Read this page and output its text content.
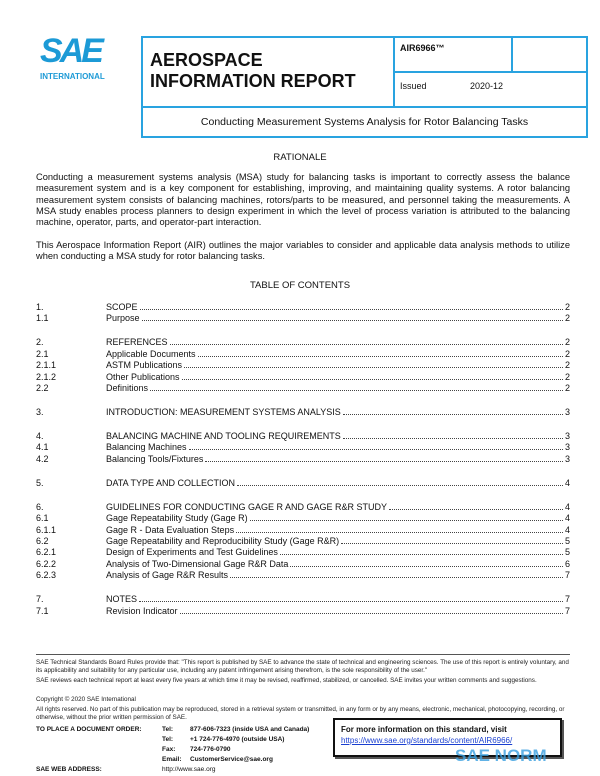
SAE
INTERNATIONAL
AEROSPACE
INFORMATION REPORT
AIR6966™
Issued	2020-12
Conducting Measurement Systems Analysis for Rotor Balancing Tasks
RATIONALE
Conducting a measurement systems analysis (MSA) study for balancing tasks is important to correctly assess the balance measurement system and is a key component for establishing, improving, and maintaining quality systems. A rotor balancing measurement system consists of balancing machines, rotors/parts to be measured, and personnel taking the measurements. A MSA study enables process planners to design experiment in which the level of process variation is attributed to the balancing machine, operator, parts, and operator-part interaction.
This Aerospace Information Report (AIR) outlines the major variables to consider and applicable data analysis methods to utilize when conducting a MSA study for rotor balancing tasks.
TABLE OF CONTENTS
1.	SCOPE	2
1.1	Purpose	2
2.	REFERENCES	2
2.1	Applicable Documents	2
2.1.1	ASTM Publications	2
2.1.2	Other Publications	2
2.2	Definitions	2
3.	INTRODUCTION: MEASUREMENT SYSTEMS ANALYSIS	3
4.	BALANCING MACHINE AND TOOLING REQUIREMENTS	3
4.1	Balancing Machines	3
4.2	Balancing Tools/Fixtures	3
5.	DATA TYPE AND COLLECTION	4
6.	GUIDELINES FOR CONDUCTING GAGE R AND GAGE R&R STUDY	4
6.1	Gage Repeatability Study (Gage R)	4
6.1.1	Gage R - Data Evaluation Steps	4
6.2	Gage Repeatability and Reproducibility Study (Gage R&R)	5
6.2.1	Design of Experiments and Test Guidelines	5
6.2.2	Analysis of Two-Dimensional Gage R&R Data	6
6.2.3	Analysis of Gage R&R Results	7
7.	NOTES	7
7.1	Revision Indicator	7
SAE Technical Standards Board Rules provide that: "This report is published by SAE to advance the state of technical and engineering sciences. The use of this report is entirely voluntary, and its applicability and suitability for any particular use, including any patent infringement arising therefrom, is the sole responsibility of the user."
SAE reviews each technical report at least every five years at which time it may be revised, reaffirmed, stabilized, or cancelled. SAE invites your written comments and suggestions.
Copyright © 2020 SAE International
All rights reserved. No part of this publication may be reproduced, stored in a retrieval system or transmitted, in any form or by any means, electronic, mechanical, photocopying, recording, or otherwise, without the prior written permission of SAE.
TO PLACE A DOCUMENT ORDER:	Tel:	877-606-7323 (inside USA and Canada)
Tel:	+1 724-776-4970 (outside USA)
Fax: 724-776-0790
Email: CustomerService@sae.org
SAE WEB ADDRESS:	http://www.sae.org
For more information on this standard, visit
https://www.sae.org/standards/content/AIR6966/
SAE NORM
